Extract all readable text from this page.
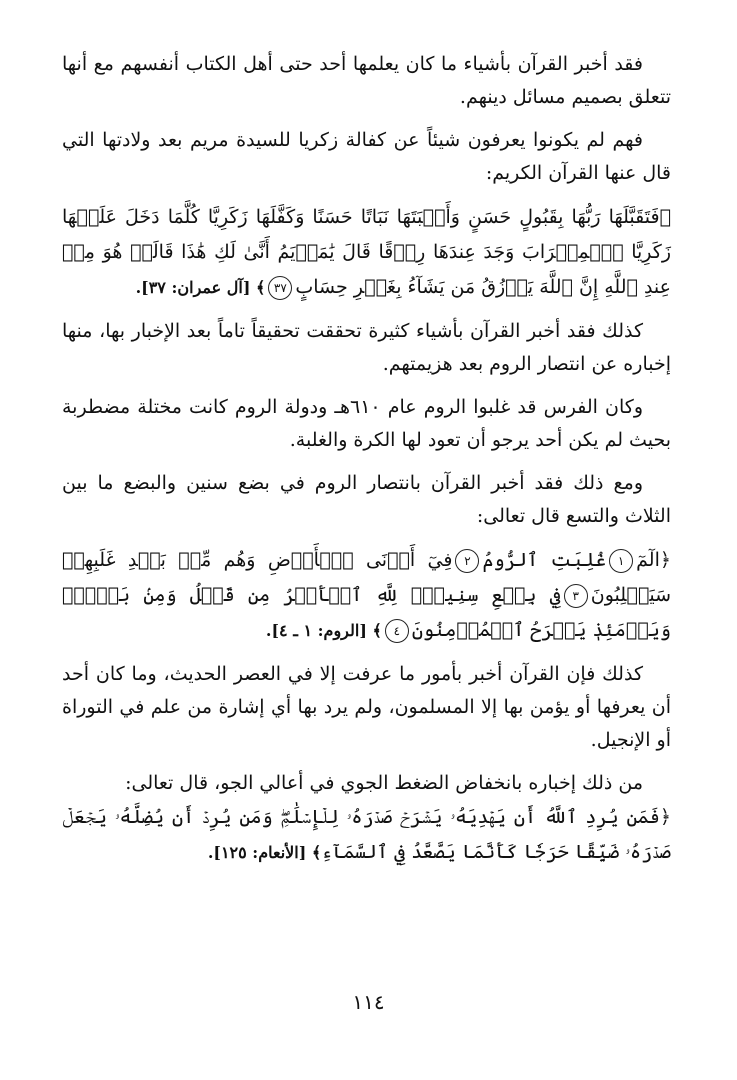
فقد أخبر القرآن بأشياء ما كان يعلمها أحد حتى أهل الكتاب أنفسهم مع أنها تتعلق بصميم مسائل دينهم.

فهم لم يكونوا يعرفون شيئاً عن كفالة زكريا للسيدة مريم بعد ولادتها التي قال عنها القرآن الكريم:

﴿فَتَقَبَّلَهَا رَبُّهَا بِقَبُولٍ حَسَنٍ وَأَنۢبَتَهَا نَبَاتًا حَسَنًا وَكَفَّلَهَا زَكَرِيَّا كُلَّمَا دَخَلَ عَلَيۡهَا زَكَرِيَّا ٱلۡمِحۡرَابَ وَجَدَ عِندَهَا رِزۡقًا قَالَ يَٰمَرۡيَمُ أَنَّىٰ لَكِ هَٰذَا قَالَتۡ هُوَ مِنۡ عِندِ ٱللَّهِ إِنَّ ٱللَّهَ يَرۡزُقُ مَن يَشَآءُ بِغَيۡرِ حِسَابٍ٣٧﴾ [آل عمران: ٣٧].

كذلك فقد أخبر القرآن بأشياء كثيرة تحققت تحقيقاً تاماً بعد الإخبار بها، منها إخباره عن انتصار الروم بعد هزيمتهم.

وكان الفرس قد غلبوا الروم عام ٦١٠هـ ودولة الروم كانت مختلة مضطربة بحيث لم يكن أحد يرجو أن تعود لها الكرة والغلبة.

ومع ذلك فقد أخبر القرآن بانتصار الروم في بضع سنين والبضع ما بين الثلاث والتسع قال تعالى:

﴿الٓمٓ١غُلِبَتِ ٱلرُّومُ٢فِيٓ أَدۡنَى ٱلۡأَرۡضِ وَهُم مِّنۢ بَعۡدِ غَلَبِهِمۡ سَيَغۡلِبُونَ٣فِي بِضۡعِ سِنِينَۗ لِلَّهِ ٱلۡأَمۡرُ مِن قَبۡلُ وَمِنۢ بَعۡدُۚ وَيَوۡمَئِذٖ يَفۡرَحُ ٱلۡمُؤۡمِنُونَ٤﴾ [الروم: ١ ـ ٤].

كذلك فإن القرآن أخبر بأمور ما عرفت إلا في العصر الحديث، وما كان أحد أن يعرفها أو يؤمن بها إلا المسلمون، ولم يرد بها أي إشارة من علم في التوراة أو الإنجيل.

من ذلك إخباره بانخفاض الضغط الجوي في أعالي الجو، قال تعالى:

﴿فَمَن يُرِدِ ٱللَّهُ أَن يَهۡدِيَهُۥ يَشۡرَحۡ صَدۡرَهُۥ لِلۡإِسۡلَٰمِۖ وَمَن يُرِدۡ أَن يُضِلَّهُۥ يَجۡعَلۡ صَدۡرَهُۥ ضَيِّقًا حَرَجٗا كَأَنَّمَا يَصَّعَّدُ فِي ٱلسَّمَآءِ﴾ [الأنعام: ١٢٥].

١١٤
